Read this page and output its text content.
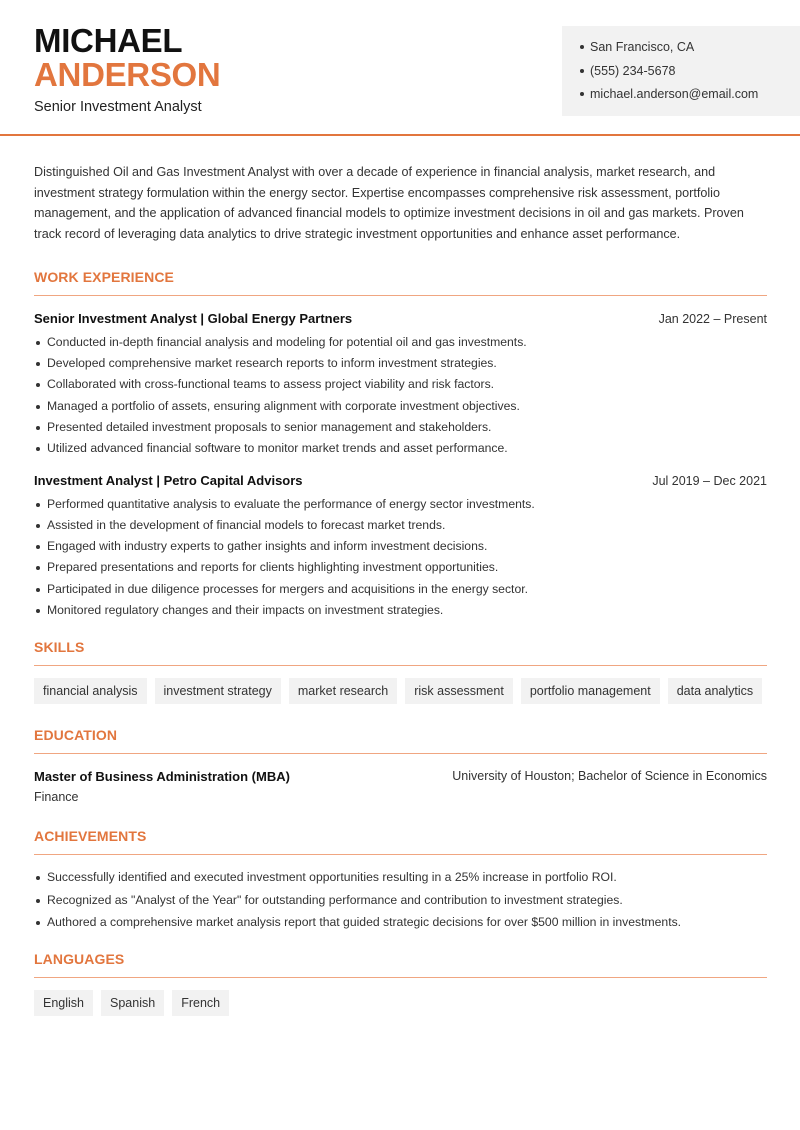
MICHAEL
ANDERSON
Senior Investment Analyst
San Francisco, CA
(555) 234-5678
michael.anderson@email.com

Distinguished Oil and Gas Investment Analyst with over a decade of experience in financial analysis, market research, and investment strategy formulation within the energy sector. Expertise encompasses comprehensive risk assessment, portfolio management, and the application of advanced financial models to optimize investment decisions in oil and gas markets. Proven track record of leveraging data analytics to drive strategic investment opportunities and enhance asset performance.

WORK EXPERIENCE
Senior Investment Analyst | Global Energy Partners	Jan 2022 – Present
Conducted in-depth financial analysis and modeling for potential oil and gas investments.
Developed comprehensive market research reports to inform investment strategies.
Collaborated with cross-functional teams to assess project viability and risk factors.
Managed a portfolio of assets, ensuring alignment with corporate investment objectives.
Presented detailed investment proposals to senior management and stakeholders.
Utilized advanced financial software to monitor market trends and asset performance.
Investment Analyst | Petro Capital Advisors	Jul 2019 – Dec 2021
Performed quantitative analysis to evaluate the performance of energy sector investments.
Assisted in the development of financial models to forecast market trends.
Engaged with industry experts to gather insights and inform investment decisions.
Prepared presentations and reports for clients highlighting investment opportunities.
Participated in due diligence processes for mergers and acquisitions in the energy sector.
Monitored regulatory changes and their impacts on investment strategies.
SKILLS
financial analysis	investment strategy	market research	risk assessment	portfolio management	data analytics
EDUCATION
Master of Business Administration (MBA)	University of Houston; Bachelor of Science in Economics
Finance
ACHIEVEMENTS
Successfully identified and executed investment opportunities resulting in a 25% increase in portfolio ROI.
Recognized as "Analyst of the Year" for outstanding performance and contribution to investment strategies.
Authored a comprehensive market analysis report that guided strategic decisions for over $500 million in investments.
LANGUAGES
English	Spanish	French
